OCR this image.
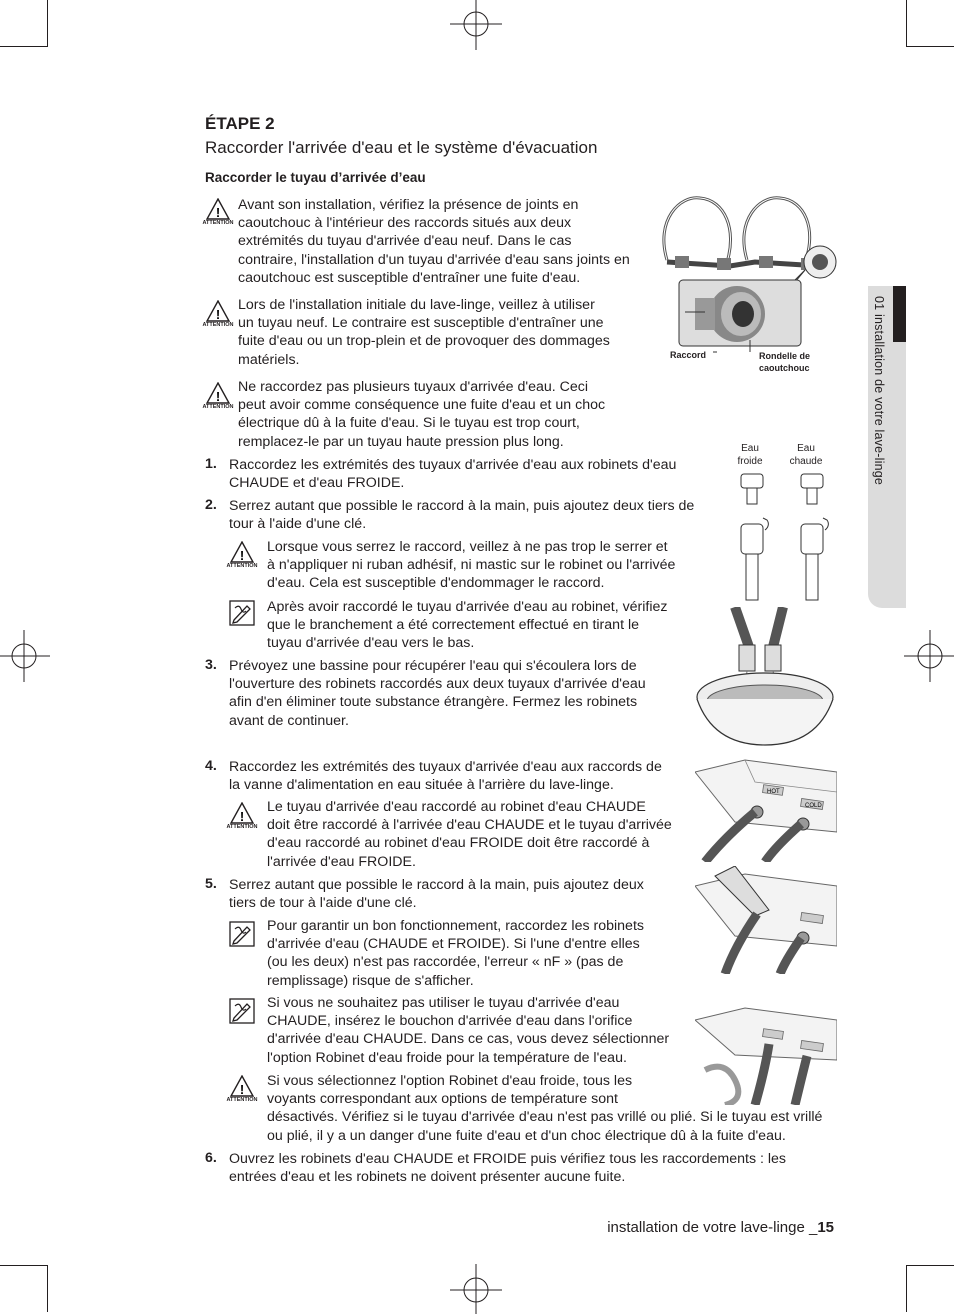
01 installation de votre lave-linge
ÉTAPE 2
Raccorder l'arrivée d'eau et le système d'évacuation
Raccorder le tuyau d’arrivée d’eau
!
ATTENTION
Avant son installation, vérifiez la présence de joints en
caoutchouc à l'intérieur des raccords situés aux deux
extrémités du tuyau d'arrivée d'eau neuf. Dans le cas
contraire, l'installation d'un tuyau d'arrivée d'eau sans joints en
caoutchouc est susceptible d'entraîner une fuite d'eau.
!
ATTENTION
Lors de l'installation initiale du lave-linge, veillez à utiliser
un tuyau neuf. Le contraire est susceptible d'entraîner une
fuite d'eau ou un trop-plein et de provoquer des dommages
matériels.
!
ATTENTION
Ne raccordez pas plusieurs tuyaux d'arrivée d'eau. Ceci
peut avoir comme conséquence une fuite d'eau et un choc
électrique dû à la fuite d'eau. Si le tuyau est trop court,
remplacez-le par un tuyau haute pression plus long.
1. Raccordez les extrémités des tuyaux d'arrivée d'eau aux robinets d'eau
CHAUDE et d'eau FROIDE.
2. Serrez autant que possible le raccord à la main, puis ajoutez deux tiers de
tour à l'aide d'une clé.
!
ATTENTION
Lorsque vous serrez le raccord, veillez à ne pas trop le serrer et
à n'appliquer ni ruban adhésif, ni mastic sur le robinet ou l'arrivée
d'eau. Cela est susceptible d'endommager le raccord.
Après avoir raccordé le tuyau d'arrivée d'eau au robinet, vérifiez
que le branchement a été correctement effectué en tirant le
tuyau d'arrivée d'eau vers le bas.
3. Prévoyez une bassine pour récupérer l'eau qui s'écoulera lors de
l'ouverture des robinets raccordés aux deux tuyaux d'arrivée d'eau
afin d'en éliminer toute substance étrangère. Fermez les robinets
avant de continuer.
4. Raccordez les extrémités des tuyaux d'arrivée d'eau aux raccords de
la vanne d'alimentation en eau située à l'arrière du lave-linge.
!
ATTENTION
Le tuyau d'arrivée d'eau raccordé au robinet d'eau CHAUDE
doit être raccordé à l'arrivée d'eau CHAUDE et le tuyau d'arrivée
d'eau raccordé au robinet d'eau FROIDE doit être raccordé à
l'arrivée d'eau FROIDE.
5. Serrez autant que possible le raccord à la main, puis ajoutez deux
tiers de tour à l'aide d'une clé.
Pour garantir un bon fonctionnement, raccordez les robinets
d'arrivée d'eau (CHAUDE et FROIDE). Si l'une d'entre elles
(ou les deux) n'est pas raccordée, l'erreur « nF » (pas de
remplissage) risque de s'afficher.
Si vous ne souhaitez pas utiliser le tuyau d'arrivée d'eau
CHAUDE, insérez le bouchon d'arrivée d'eau dans l'orifice
d'arrivée d'eau CHAUDE. Dans ce cas, vous devez sélectionner
l'option Robinet d'eau froide pour la température de l'eau.
!
ATTENTION
Si vous sélectionnez l'option Robinet d'eau froide, tous les
voyants correspondant aux options de température sont
désactivés. Vérifiez si le tuyau d'arrivée d'eau n'est pas vrillé ou plié. Si le tuyau est vrillé
ou plié, il y a un danger d'une fuite d'eau et d'un choc électrique dû à la fuite d'eau.
6. Ouvrez les robinets d'eau CHAUDE et FROIDE puis vérifiez tous les raccordements : les
entrées d'eau et les robinets ne doivent présenter aucune fuite.
Raccord	Rondelle de
caoutchouc
Eau
froide
Eau
chaude
HOT
COLD
installation de votre lave-linge _15
